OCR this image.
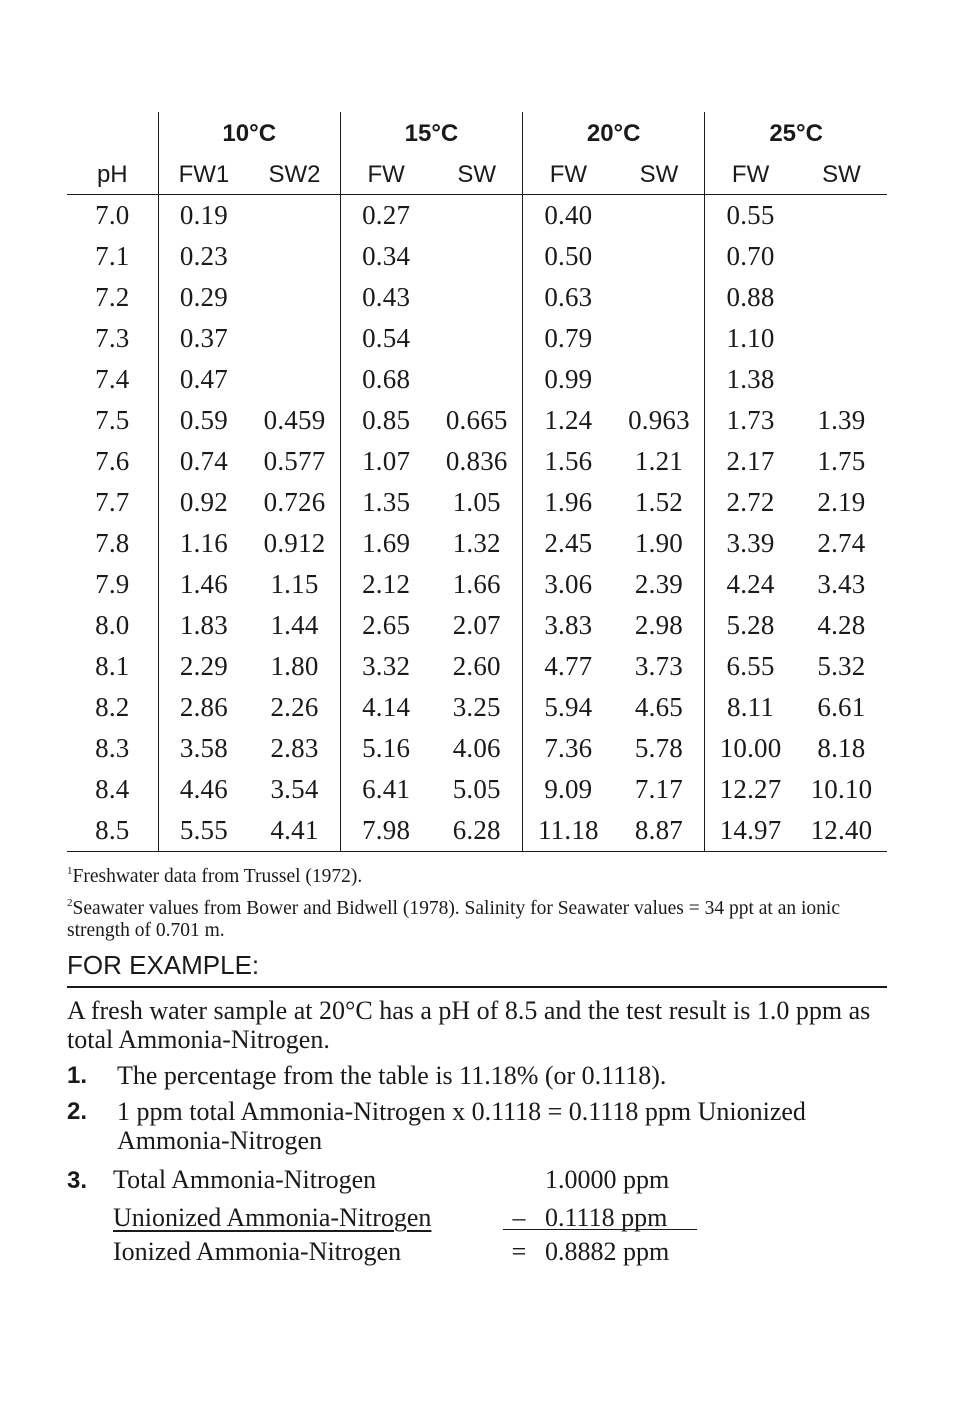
	10°C		15°C		20°C		25°C	
pH	FW1	SW2	FW	SW	FW	SW	FW	SW
7.0	0.19		0.27		0.40		0.55	
7.1	0.23		0.34		0.50		0.70	
7.2	0.29		0.43		0.63		0.88	
7.3	0.37		0.54		0.79		1.10	
7.4	0.47		0.68		0.99		1.38	
7.5	0.59	0.459	0.85	0.665	1.24	0.963	1.73	1.39
7.6	0.74	0.577	1.07	0.836	1.56	1.21	2.17	1.75
7.7	0.92	0.726	1.35	1.05	1.96	1.52	2.72	2.19
7.8	1.16	0.912	1.69	1.32	2.45	1.90	3.39	2.74
7.9	1.46	1.15	2.12	1.66	3.06	2.39	4.24	3.43
8.0	1.83	1.44	2.65	2.07	3.83	2.98	5.28	4.28
8.1	2.29	1.80	3.32	2.60	4.77	3.73	6.55	5.32
8.2	2.86	2.26	4.14	3.25	5.94	4.65	8.11	6.61
8.3	3.58	2.83	5.16	4.06	7.36	5.78	10.00	8.18
8.4	4.46	3.54	6.41	5.05	9.09	7.17	12.27	10.10
8.5	5.55	4.41	7.98	6.28	11.18	8.87	14.97	12.40
$^1$Freshwater data from Trussel (1972).
$^2$Seawater values from Bower and Bidwell (1978). Salinity for Seawater values = 34 ppt at an ionic strength of 0.701 m.
FOR EXAMPLE:
A fresh water sample at 20°C has a pH of 8.5 and the test result is 1.0 ppm as total Ammonia-Nitrogen.
1. The percentage from the table is 11.18% (or 0.1118).
2. 1 ppm total Ammonia-Nitrogen x 0.1118 = 0.1118 ppm Unionized Ammonia-Nitrogen
3. Total Ammonia-Nitrogen	1.0000 ppm
Unionized Ammonia-Nitrogen	– 0.1118 ppm
Ionized Ammonia-Nitrogen	= 0.8882 ppm
